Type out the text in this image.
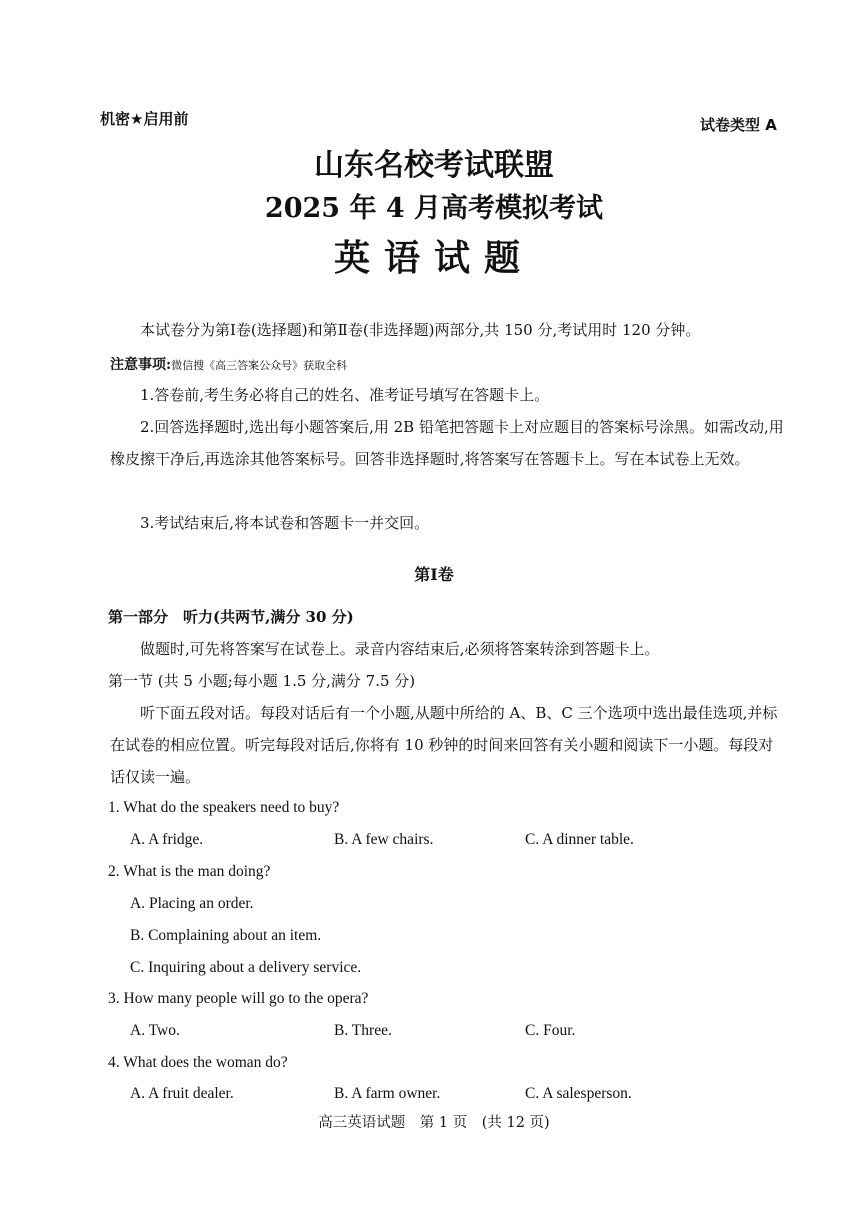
机密★启用前	试卷类型 A
山东名校考试联盟
2025 年 4 月高考模拟考试
英语试题
本试卷分为第Ⅰ卷(选择题)和第Ⅱ卷(非选择题)两部分,共 150 分,考试用时 120 分钟。
注意事项:微信搜《高三答案公众号》获取全科
1.答卷前,考生务必将自己的姓名、准考证号填写在答题卡上。
2.回答选择题时,选出每小题答案后,用 2B 铅笔把答题卡上对应题目的答案标号涂黑。如需改动,用橡皮擦干净后,再选涂其他答案标号。回答非选择题时,将答案写在答题卡上。写在本试卷上无效。
3.考试结束后,将本试卷和答题卡一并交回。
第Ⅰ卷
第一部分　听力(共两节,满分 30 分)
做题时,可先将答案写在试卷上。录音内容结束后,必须将答案转涂到答题卡上。
第一节 (共 5 小题;每小题 1.5 分,满分 7.5 分)
听下面五段对话。每段对话后有一个小题,从题中所给的 A、B、C 三个选项中选出最佳选项,并标在试卷的相应位置。听完每段对话后,你将有 10 秒钟的时间来回答有关小题和阅读下一小题。每段对话仅读一遍。
1. What do the speakers need to buy?
A. A fridge.	B. A few chairs.	C. A dinner table.
2. What is the man doing?
A. Placing an order.
B. Complaining about an item.
C. Inquiring about a delivery service.
3. How many people will go to the opera?
A. Two.	B. Three.	C. Four.
4. What does the woman do?
A. A fruit dealer.	B. A farm owner.	C. A salesperson.
高三英语试题　第 1 页　(共 12 页)
